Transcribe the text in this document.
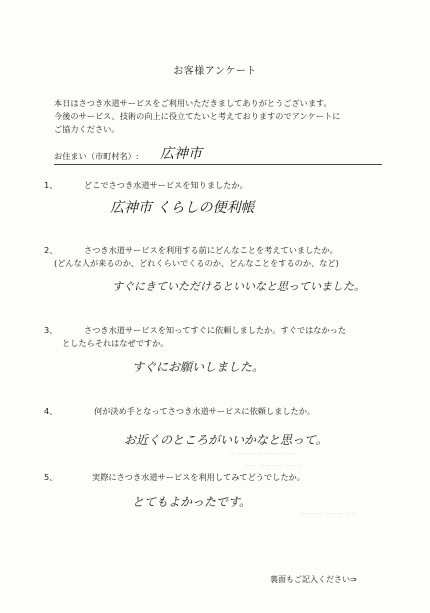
お客様アンケート
本日はさつき水道サービスをご利用いただきましてありがとうございます。
今後のサービス、技術の向上に役立てたいと考えておりますのでアンケートに
ご協力ください。
お住まい（市町村名）: 広神市
1、	どこでさつき水道サービスを知りましたか。
広神市 くらしの便利帳
2、	さつき水道サービスを利用する前にどんなことを考えていましたか。
(どんな人が来るのか、どれくらいでくるのか、どんなことをするのか、など)
すぐにきていただけるといいなと思っていました。
3、	さつき水道サービスを知ってすぐに依頼しましたか。すぐではなかった
としたらそれはなぜですか。
すぐにお願いしました。
4、	何が決め手となってさつき水道サービスに依頼しましたか。
お近くのところがいいかなと思って。
5、	実際にさつき水道サービスを利用してみてどうでしたか。
とてもよかったです。
~ ~~~ ~~~~ ~~
~~ ~~~~ ~~~
~~~~ ~~~ ~~
裏面もご記入ください⇒
